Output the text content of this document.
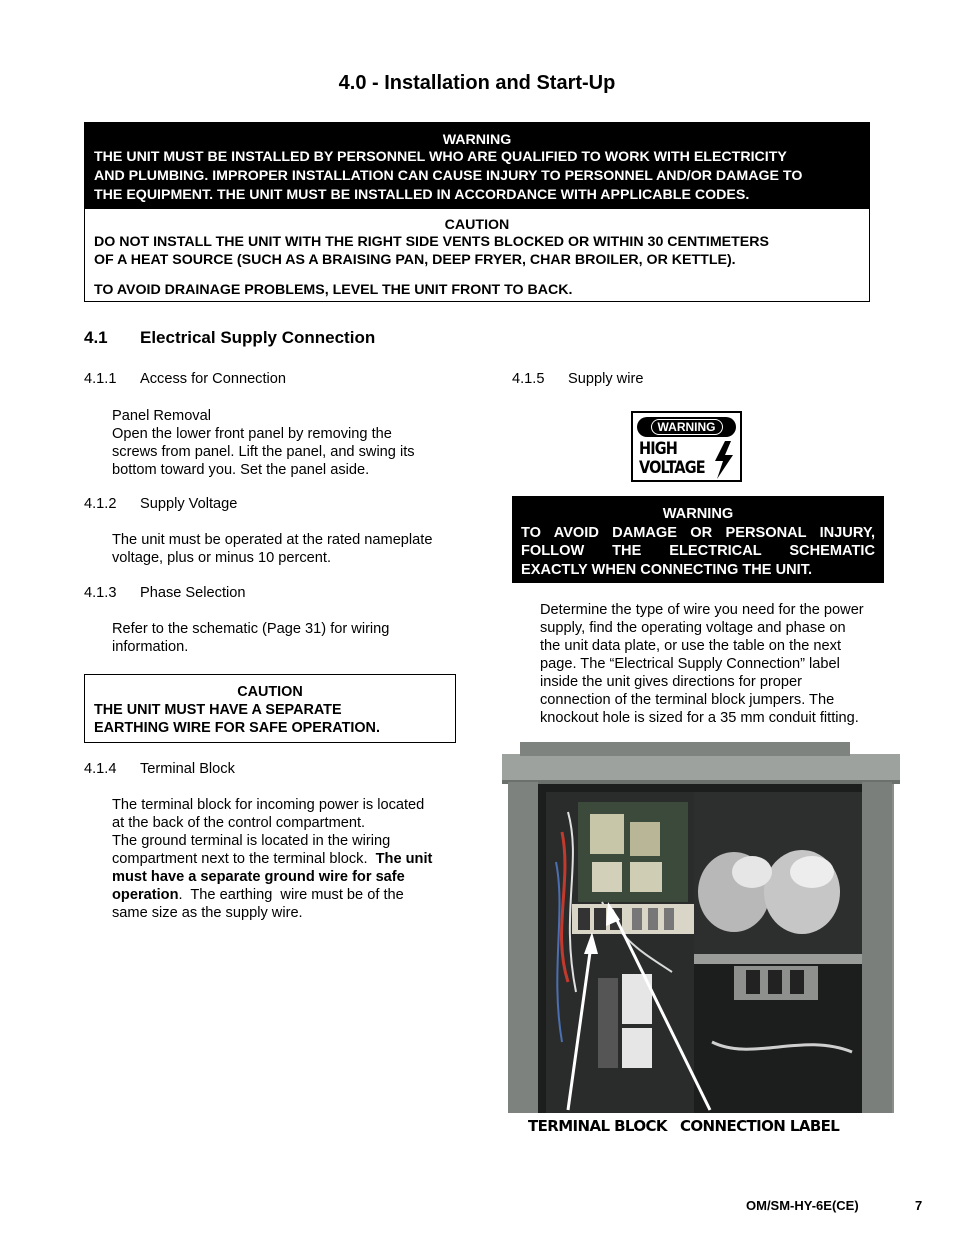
4.0 - Installation and Start-Up
WARNING
THE UNIT MUST BE INSTALLED BY PERSONNEL WHO ARE QUALIFIED TO WORK WITH ELECTRICITY
AND PLUMBING. IMPROPER INSTALLATION CAN CAUSE INJURY TO PERSONNEL AND/OR DAMAGE TO
THE EQUIPMENT. THE UNIT MUST BE INSTALLED IN ACCORDANCE WITH APPLICABLE CODES.
CAUTION
DO NOT INSTALL THE UNIT WITH THE RIGHT SIDE VENTS BLOCKED OR WITHIN 30 CENTIMETERS
OF A HEAT SOURCE (SUCH AS A BRAISING PAN, DEEP FRYER, CHAR BROILER, OR KETTLE).
TO AVOID DRAINAGE PROBLEMS, LEVEL THE UNIT FRONT TO BACK.
4.1 Electrical Supply Connection
4.1.1 Access for Connection
Panel Removal
Open the lower front panel by removing the
screws from panel. Lift the panel, and swing its
bottom toward you. Set the panel aside.
4.1.2 Supply Voltage
The unit must be operated at the rated nameplate
voltage, plus or minus 10 percent.
4.1.3 Phase Selection
Refer to the schematic (Page 31) for wiring
information.
CAUTION
THE UNIT MUST HAVE A SEPARATE
EARTHING WIRE FOR SAFE OPERATION.
4.1.4 Terminal Block
The terminal block for incoming power is located
at the back of the control compartment.
The ground terminal is located in the wiring
compartment next to the terminal block.  The unit
must have a separate ground wire for safe
operation.  The earthing  wire must be of the
same size as the supply wire.
4.1.5 Supply wire
WARNING
HIGH
VOLTAGE
WARNING
TO AVOID DAMAGE OR PERSONAL INJURY,
FOLLOW THE ELECTRICAL SCHEMATIC
EXACTLY WHEN CONNECTING THE UNIT.
Determine the type of wire you need for the power
supply, find the operating voltage and phase on
the unit data plate, or use the table on the next
page. The “Electrical Supply Connection” label
inside the unit gives directions for proper
connection of the terminal block jumpers. The
knockout hole is sized for a 35 mm conduit fitting.
TERMINAL BLOCK CONNECTION LABEL
OM/SM-HY-6E(CE)	7
